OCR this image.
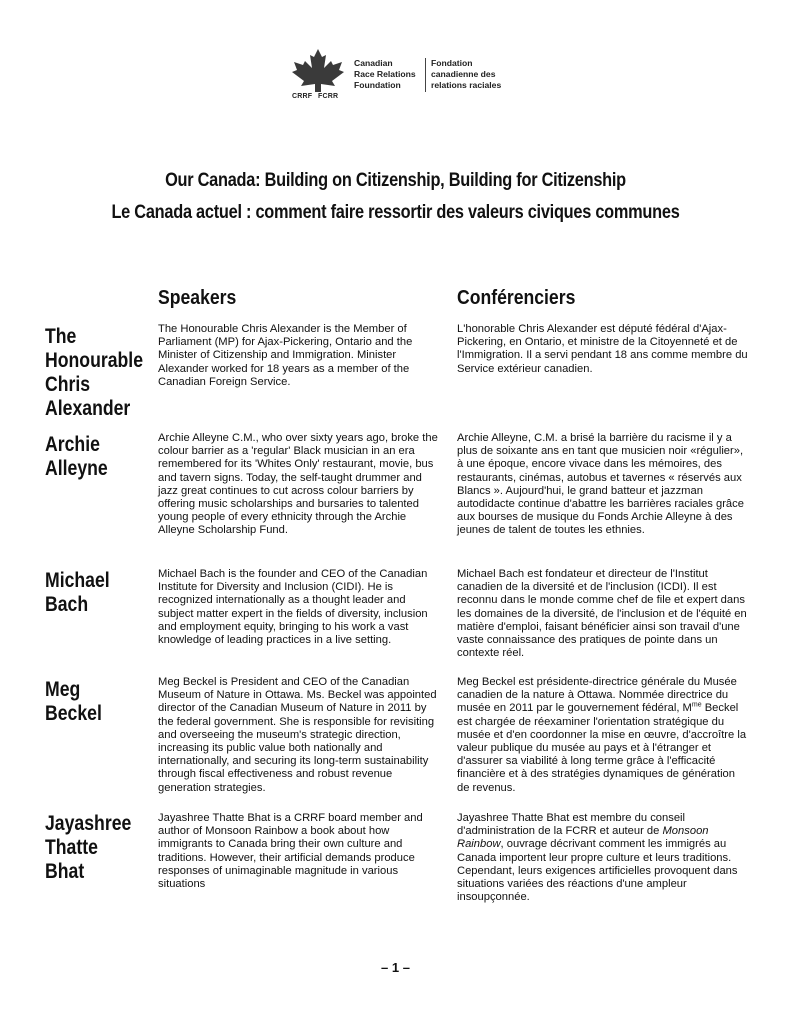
CRRF FCRR
Canadian
Race Relations
Foundation
Fondation
canadienne des
relations raciales
Our Canada: Building on Citizenship, Building for Citizenship
Le Canada actuel : comment faire ressortir des valeurs civiques communes
Speakers	Conférenciers
The
Honourable
Chris
Alexander
The Honourable Chris Alexander is the Member of Parliament (MP) for Ajax-Pickering, Ontario and the Minister of Citizenship and Immigration. Minister Alexander worked for 18 years as a member of the Canadian Foreign Service.
L'honorable Chris Alexander est député fédéral d'Ajax-Pickering, en Ontario, et ministre de la Citoyenneté et de l'Immigration. Il a servi pendant 18 ans comme membre du Service extérieur canadien.
Archie
Alleyne
Archie Alleyne C.M., who over sixty years ago, broke the colour barrier as a 'regular' Black musician in an era remembered for its 'Whites Only' restaurant, movie, bus and tavern signs. Today, the self-taught drummer and jazz great continues to cut across colour barriers by offering music scholarships and bursaries to talented young people of every ethnicity through the Archie Alleyne Scholarship Fund.
Archie Alleyne, C.M. a brisé la barrière du racisme il y a plus de soixante ans en tant que musicien noir «régulier», à une époque, encore vivace dans les mémoires, des restaurants, cinémas, autobus et tavernes « réservés aux Blancs ». Aujourd'hui, le grand batteur et jazzman autodidacte continue d'abattre les barrières raciales grâce aux bourses de musique du Fonds Archie Alleyne à des jeunes de talent de toutes les ethnies.
Michael
Bach
Michael Bach is the founder and CEO of the Canadian Institute for Diversity and Inclusion (CIDI). He is recognized internationally as a thought leader and subject matter expert in the fields of diversity, inclusion and employment equity, bringing to his work a vast knowledge of leading practices in a live setting.
Michael Bach est fondateur et directeur de l'Institut canadien de la diversité et de l'inclusion (ICDI). Il est reconnu dans le monde comme chef de file et expert dans les domaines de la diversité, de l'inclusion et de l'équité en matière d'emploi, faisant bénéficier ainsi son travail d'une vaste connaissance des pratiques de pointe dans un contexte réel.
Meg
Beckel
Meg Beckel is President and CEO of the Canadian Museum of Nature in Ottawa. Ms. Beckel was appointed director of the Canadian Museum of Nature in 2011 by the federal government. She is responsible for revisiting and overseeing the museum's strategic direction, increasing its public value both nationally and internationally, and securing its long-term sustainability through fiscal effectiveness and robust revenue generation strategies.
Meg Beckel est présidente-directrice générale du Musée canadien de la nature à Ottawa. Nommée directrice du musée en 2011 par le gouvernement fédéral, $M^{me}$ Beckel est chargée de réexaminer l'orientation stratégique du musée et d'en coordonner la mise en œuvre, d'accroître la valeur publique du musée au pays et à l'étranger et d'assurer sa viabilité à long terme grâce à l'efficacité financière et à des stratégies dynamiques de génération de revenus.
Jayashree
Thatte
Bhat
Jayashree Thatte Bhat is a CRRF board member and author of Monsoon Rainbow a book about how immigrants to Canada bring their own culture and traditions. However, their artificial demands produce responses of unimaginable magnitude in various situations
Jayashree Thatte Bhat est membre du conseil d'administration de la FCRR et auteur de Monsoon Rainbow, ouvrage décrivant comment les immigrés au Canada importent leur propre culture et leurs traditions. Cependant, leurs exigences artificielles provoquent dans situations variées des réactions d'une ampleur insoupçonnée.
– 1 –
